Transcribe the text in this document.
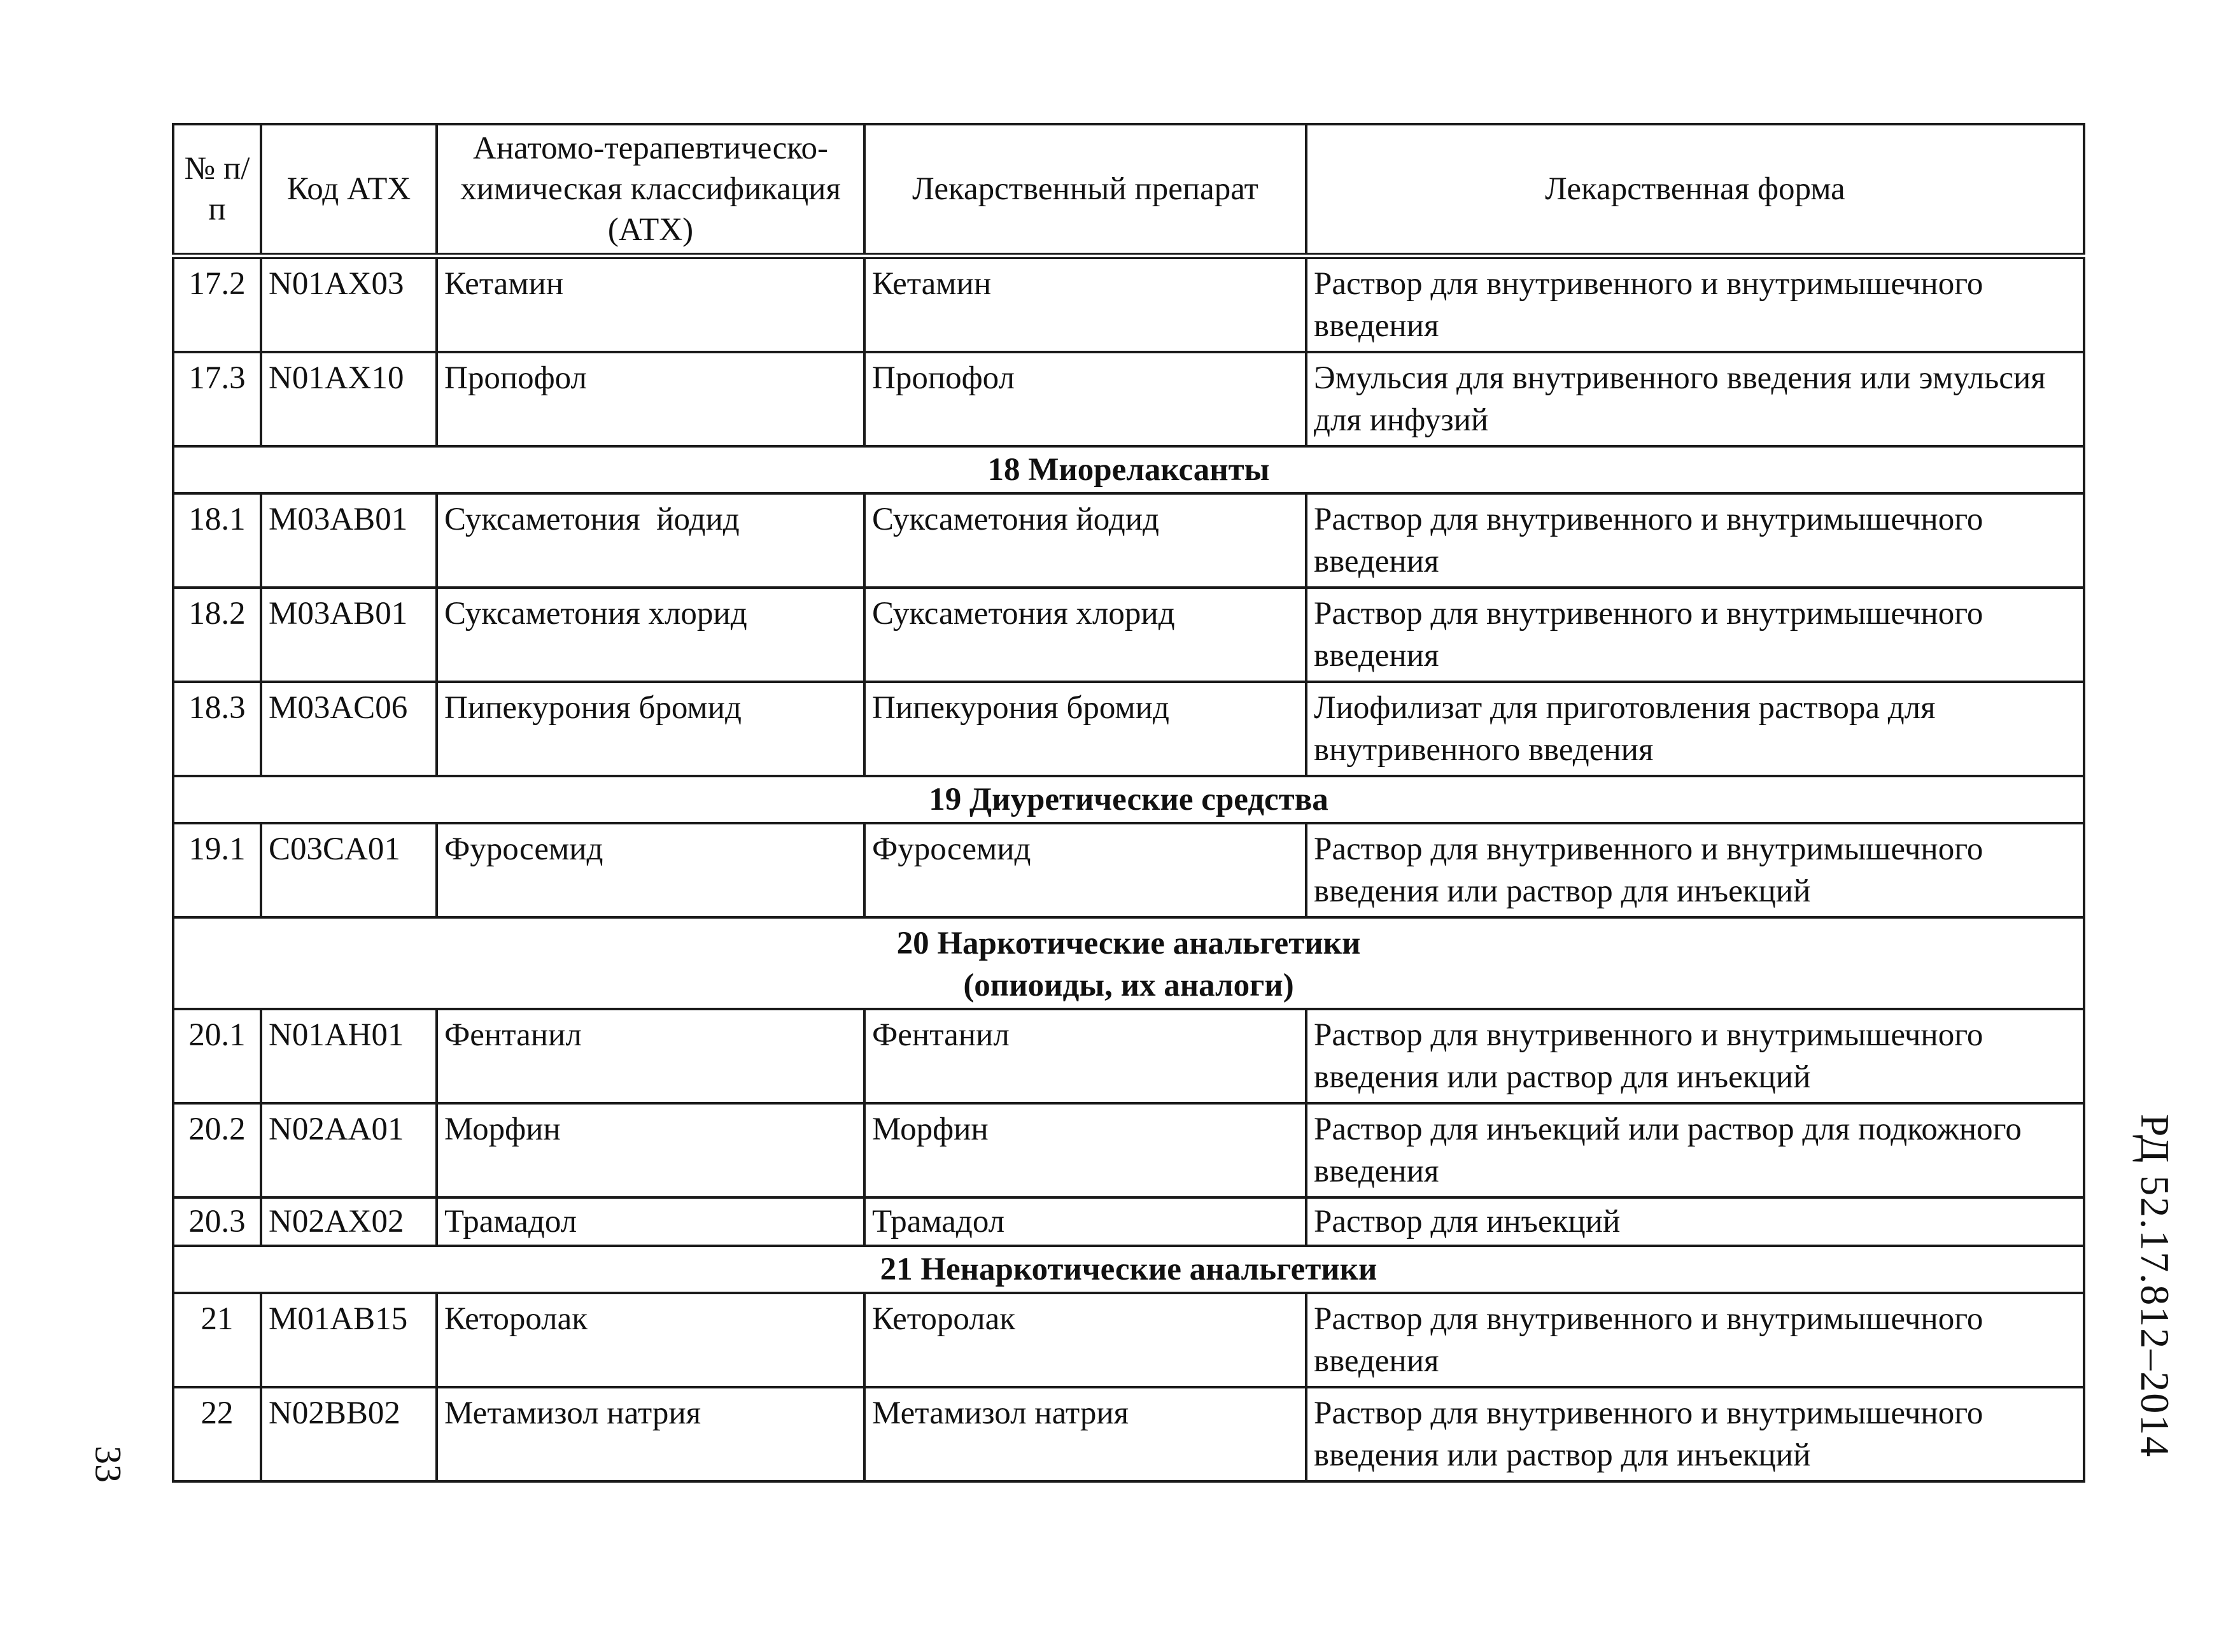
№ п/п	Код АТХ	Анатомо-терапевтическо-химическая классификация (АТХ)	Лекарственный препарат	Лекарственная форма
17.2	N01AX03	Кетамин	Кетамин	Раствор для внутривенного и внутримышечного введения
17.3	N01AX10	Пропофол	Пропофол	Эмульсия для внутривенного введения или эмульсия для инфузий
18 Миорелаксанты				
18.1	M03AB01	Суксаметония  йодид	Суксаметония йодид	Раствор для внутривенного и внутримышечного введения
18.2	M03AB01	Суксаметония хлорид	Суксаметония хлорид	Раствор для внутривенного и внутримышечного введения
18.3	M03AC06	Пипекурония бромид	Пипекурония бромид	Лиофилизат для приготовления раствора для внутривенного введения
19 Диуретические средства				
19.1	C03CA01	Фуросемид	Фуросемид	Раствор для внутривенного и внутримышечного введения или раствор для инъекций

20 Наркотические анальгетики
(опиоиды, их аналоги)				

20.1	N01AH01	Фентанил	Фентанил	Раствор для внутривенного и внутримышечного введения или раствор для инъекций
20.2	N02AA01	Морфин	Морфин	Раствор для инъекций или раствор для подкожного введения
20.3	N02AX02	Трамадол	Трамадол	Раствор для инъекций
21 Ненаркотические анальгетики				
21	M01AB15	Кеторолак	Кеторолак	Раствор для внутривенного и внутримышечного введения
22	N02BB02	Метамизол натрия	Метамизол натрия	Раствор для внутривенного и внутримышечного введения или раствор для инъекций	РД 52.17.812–2014
33
